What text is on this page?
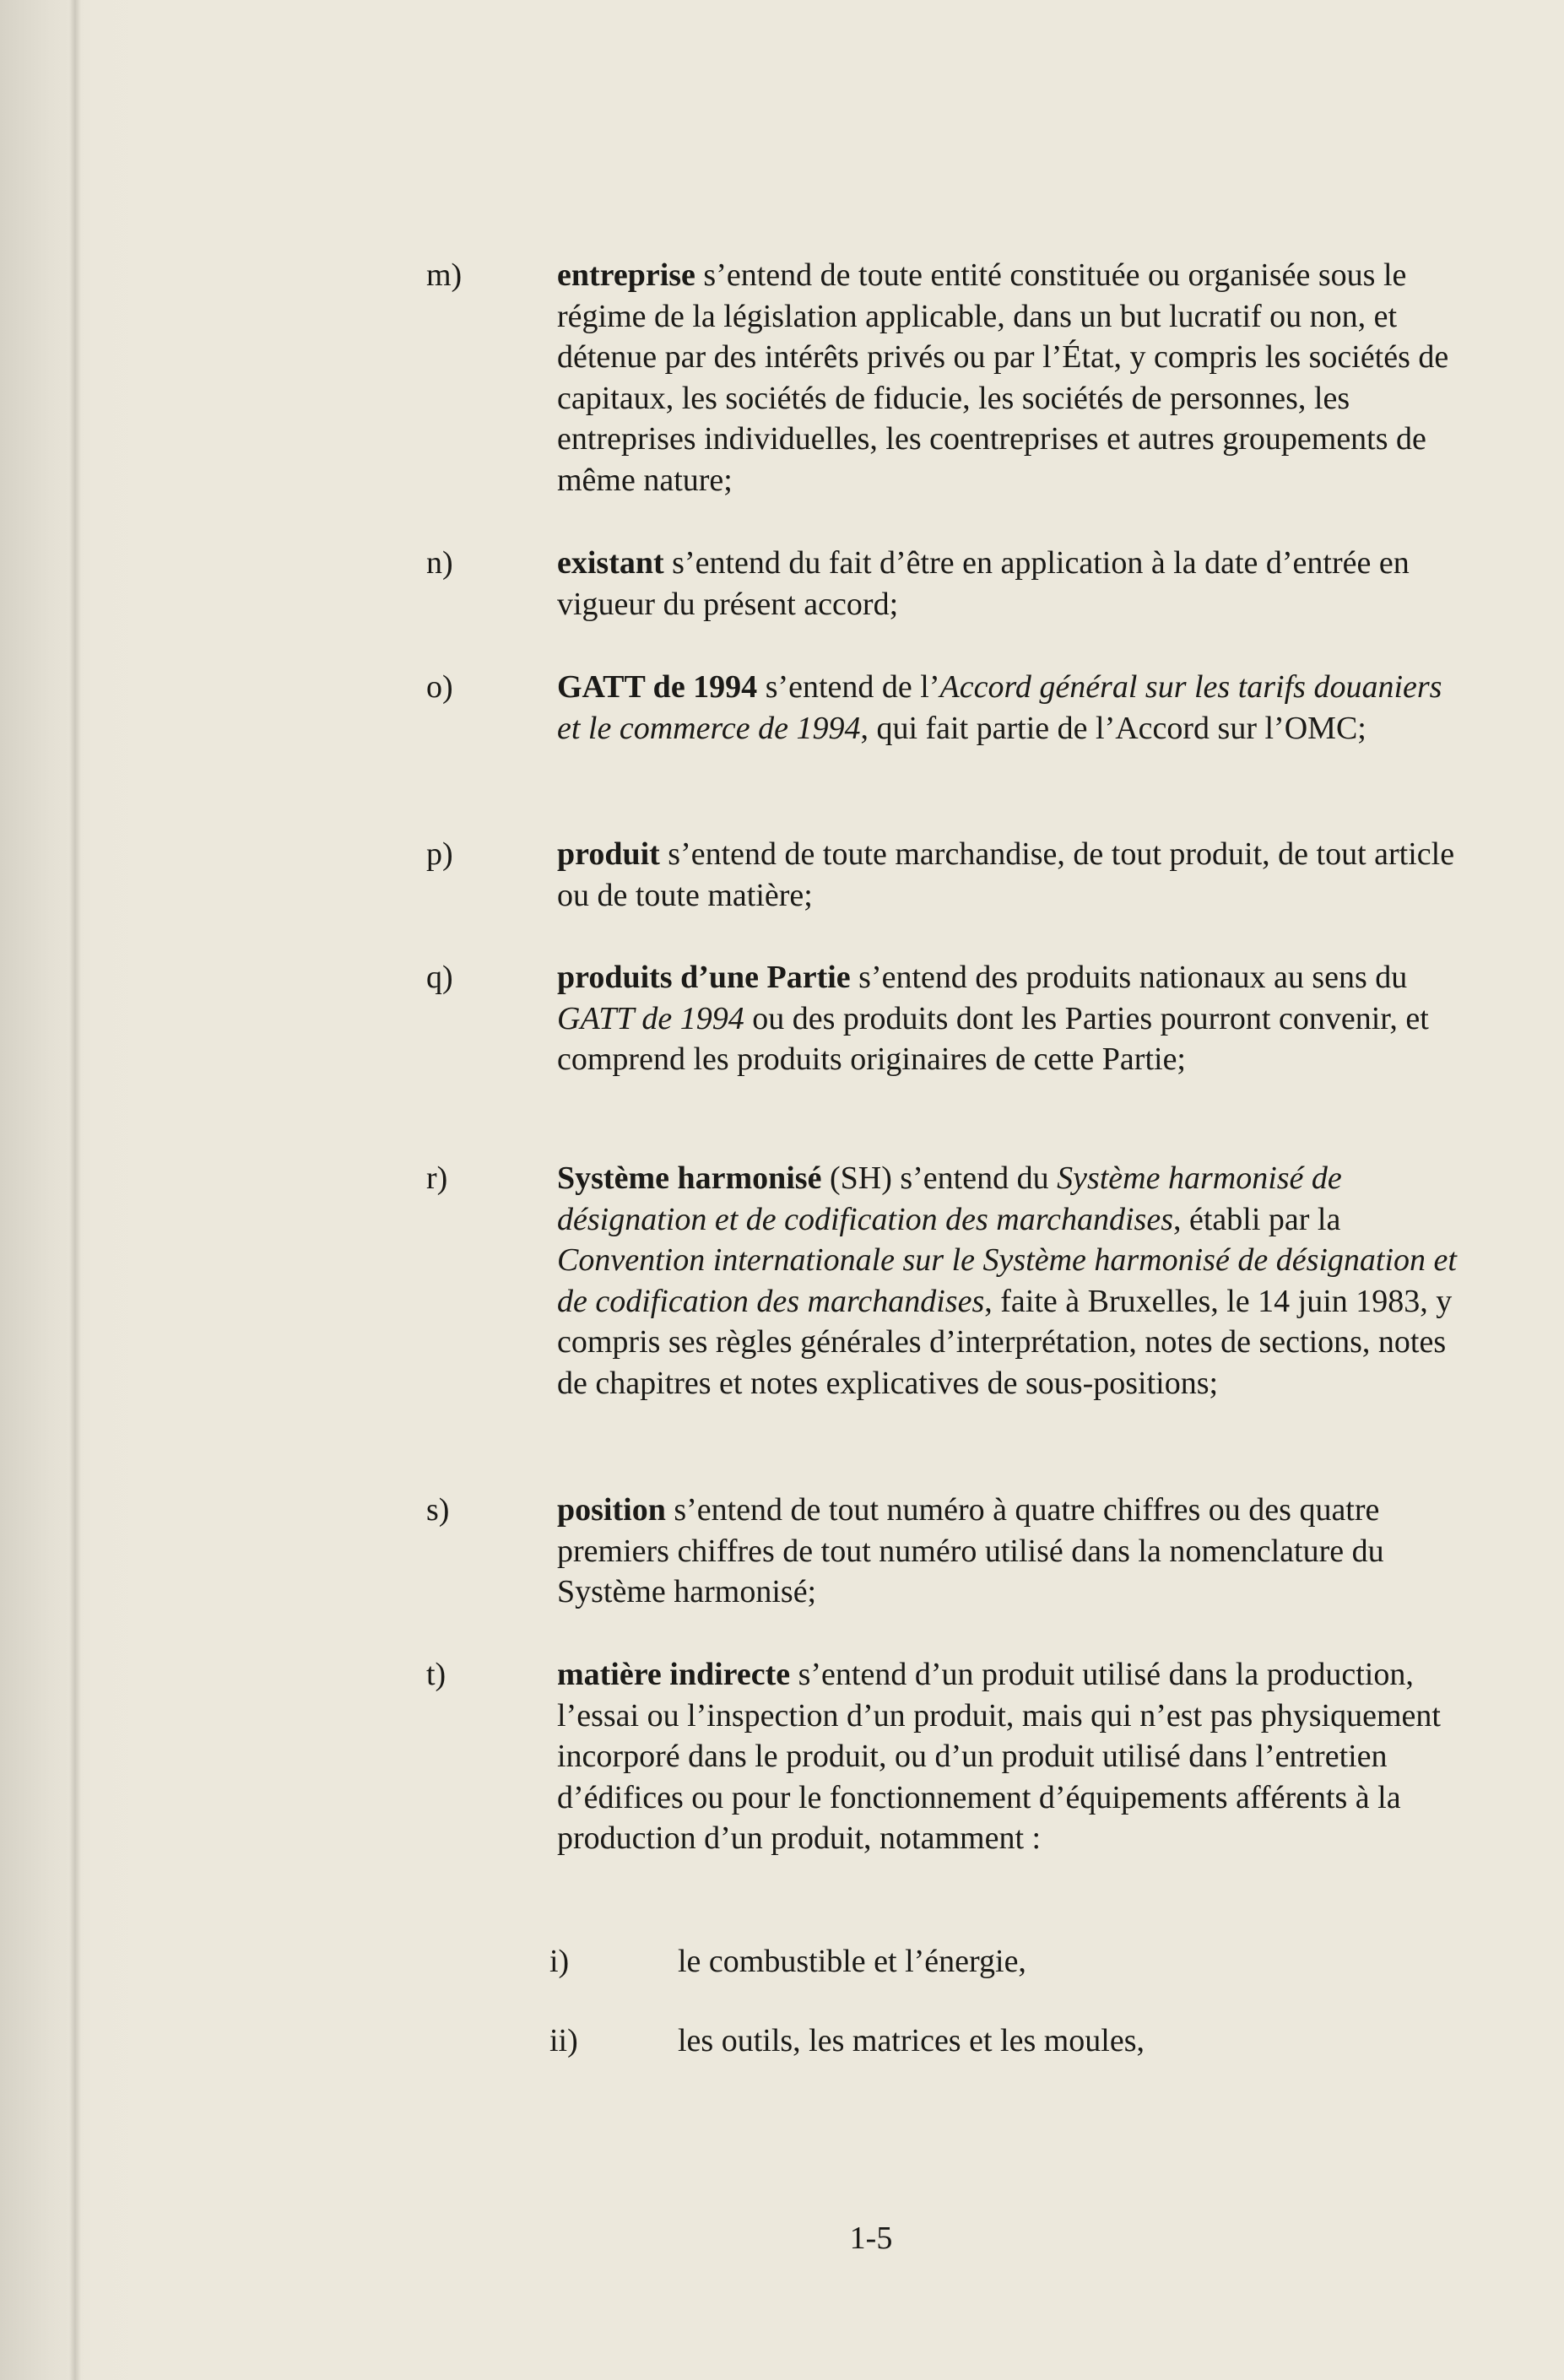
m)	entreprise s’entend de toute entité constituée ou organisée sous le régime de la législation applicable, dans un but lucratif ou non, et détenue par des intérêts privés ou par l’État, y compris les sociétés de capitaux, les sociétés de fiducie, les sociétés de personnes, les entreprises individuelles, les coentreprises et autres groupements de même nature;
n)	existant s’entend du fait d’être en application à la date d’entrée en vigueur du présent accord;
o)	GATT de 1994 s’entend de l’Accord général sur les tarifs douaniers et le commerce de 1994, qui fait partie de l’Accord sur l’OMC;
p)	produit s’entend de toute marchandise, de tout produit, de tout article ou de toute matière;
q)	produits d’une Partie s’entend des produits nationaux au sens du GATT de 1994 ou des produits dont les Parties pourront convenir, et comprend les produits originaires de cette Partie;
r)	Système harmonisé (SH) s’entend du Système harmonisé de désignation et de codification des marchandises, établi par la Convention internationale sur le Système harmonisé de désignation et de codification des marchandises, faite à Bruxelles, le 14 juin 1983, y compris ses règles générales d’interprétation, notes de sections, notes de chapitres et notes explicatives de sous-positions;
s)	position s’entend de tout numéro à quatre chiffres ou des quatre premiers chiffres de tout numéro utilisé dans la nomenclature du Système harmonisé;
t)	matière indirecte s’entend d’un produit utilisé dans la production, l’essai ou l’inspection d’un produit, mais qui n’est pas physiquement incorporé dans le produit, ou d’un produit utilisé dans l’entretien d’édifices ou pour le fonctionnement d’équipements afférents à la production d’un produit, notamment :
i)	le combustible et l’énergie,
ii)	les outils, les matrices et les moules,
1-5
